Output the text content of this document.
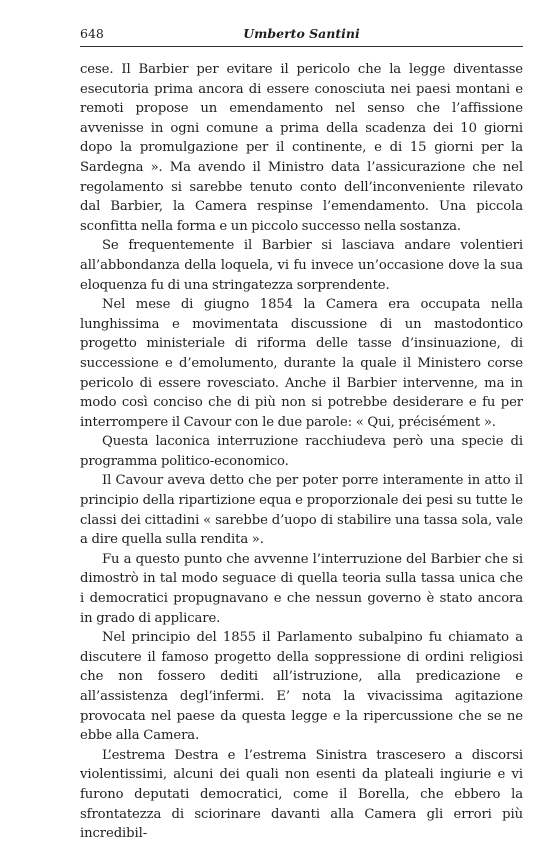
648	Umberto Santini

cese. Il Barbier per evitare il pericolo che la legge diventasse esecutoria prima ancora di essere conosciuta nei paesi montani e remoti propose un emendamento nel senso che l’affissione avvenisse in ogni comune a prima della scadenza dei 10 giorni dopo la promulgazione per il continente, e di 15 giorni per la Sardegna ». Ma avendo il Ministro data l’assicurazione che nel regolamento si sarebbe tenuto conto dell’inconveniente rilevato dal Barbier, la Camera respinse l’emendamento. Una piccola sconfitta nella forma e un piccolo successo nella sostanza.

Se frequentemente il Barbier si lasciava andare volentieri all’abbondanza della loquela, vi fu invece un’occasione dove la sua eloquenza fu di una stringatezza sorprendente.

Nel mese di giugno 1854 la Camera era occupata nella lunghissima e movimentata discussione di un mastodontico progetto ministeriale di riforma delle tasse d’insinuazione, di successione e d’emolumento, durante la quale il Ministero corse pericolo di essere rovesciato. Anche il Barbier intervenne, ma in modo così conciso che di più non si potrebbe desiderare e fu per interrompere il Cavour con le due parole: « Qui, précisément ».

Questa laconica interruzione racchiudeva però una specie di programma politico-economico.

Il Cavour aveva detto che per poter porre interamente in atto il principio della ripartizione equa e proporzionale dei pesi su tutte le classi dei cittadini « sarebbe d’uopo di stabilire una tassa sola, vale a dire quella sulla rendita ».

Fu a questo punto che avvenne l’interruzione del Barbier che si dimostrò in tal modo seguace di quella teoria sulla tassa unica che i democratici propugnavano e che nessun governo è stato ancora in grado di applicare.

Nel principio del 1855 il Parlamento subalpino fu chiamato a discutere il famoso progetto della soppressione di ordini religiosi che non fossero dediti all’istruzione, alla predicazione e all’assistenza degl’infermi. E’ nota la vivacissima agitazione provocata nel paese da questa legge e la ripercussione che se ne ebbe alla Camera.

L’estrema Destra e l’estrema Sinistra trascesero a discorsi violentissimi, alcuni dei quali non esenti da plateali ingiurie e vi furono deputati democratici, come il Borella, che ebbero la sfrontatezza di sciorinare davanti alla Camera gli errori più incredibil-
